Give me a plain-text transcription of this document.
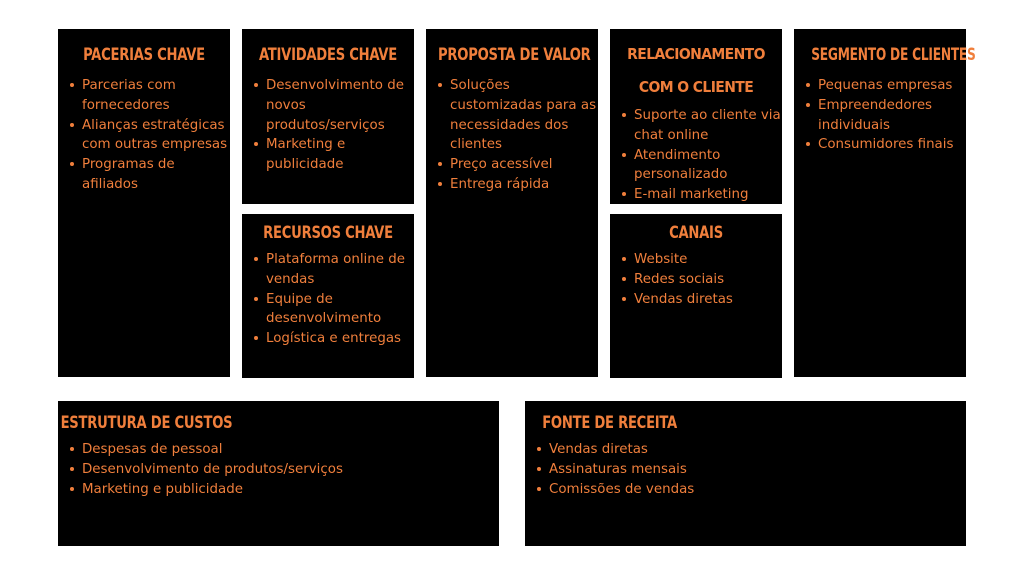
PACERIAS CHAVE
Parcerias com fornecedores
Alianças estratégicas com outras empresas
Programas de afiliados
ATIVIDADES CHAVE
Desenvolvimento de novos produtos/serviços
Marketing e publicidade
RECURSOS CHAVE
Plataforma online de vendas
Equipe de desenvolvimento
Logística e entregas
PROPOSTA DE VALOR
Soluções customizadas para as necessidades dos clientes
Preço acessível
Entrega rápida
RELACIONAMENTO COM O CLIENTE
Suporte ao cliente via chat online
Atendimento personalizado
E-mail marketing
CANAIS
Website
Redes sociais
Vendas diretas
SEGMENTO DE CLIENTES
Pequenas empresas
Empreendedores individuais
Consumidores finais
ESTRUTURA DE CUSTOS
Despesas de pessoal
Desenvolvimento de produtos/serviços
Marketing e publicidade
FONTE DE RECEITA
Vendas diretas
Assinaturas mensais
Comissões de vendas
